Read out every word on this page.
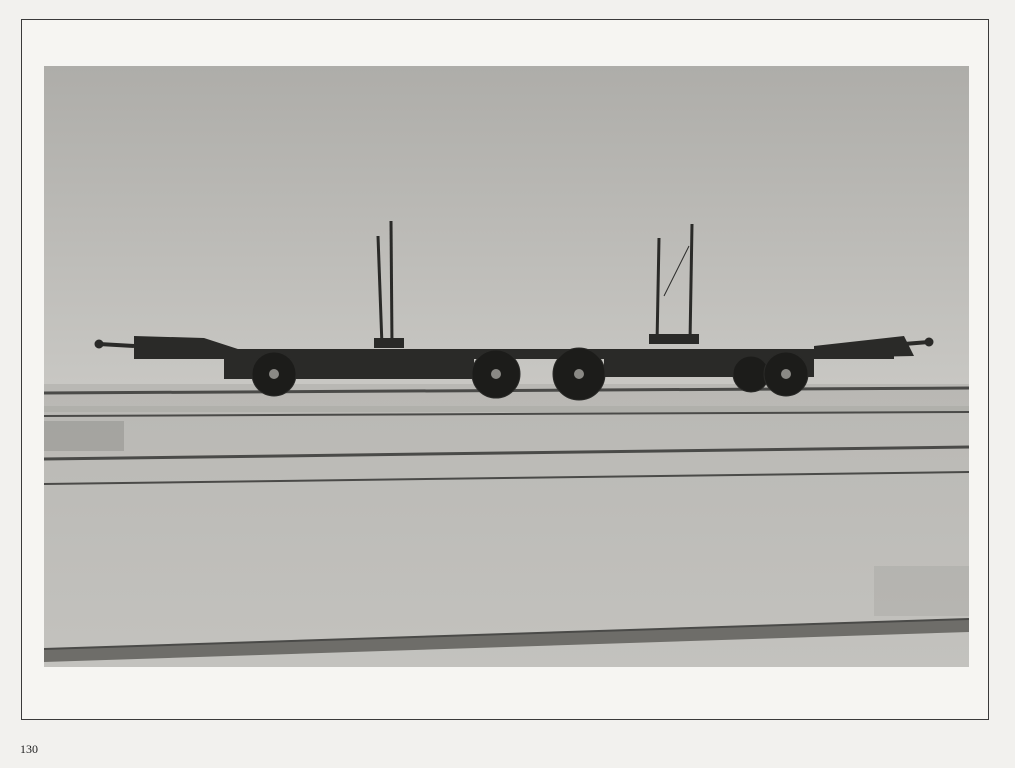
130
